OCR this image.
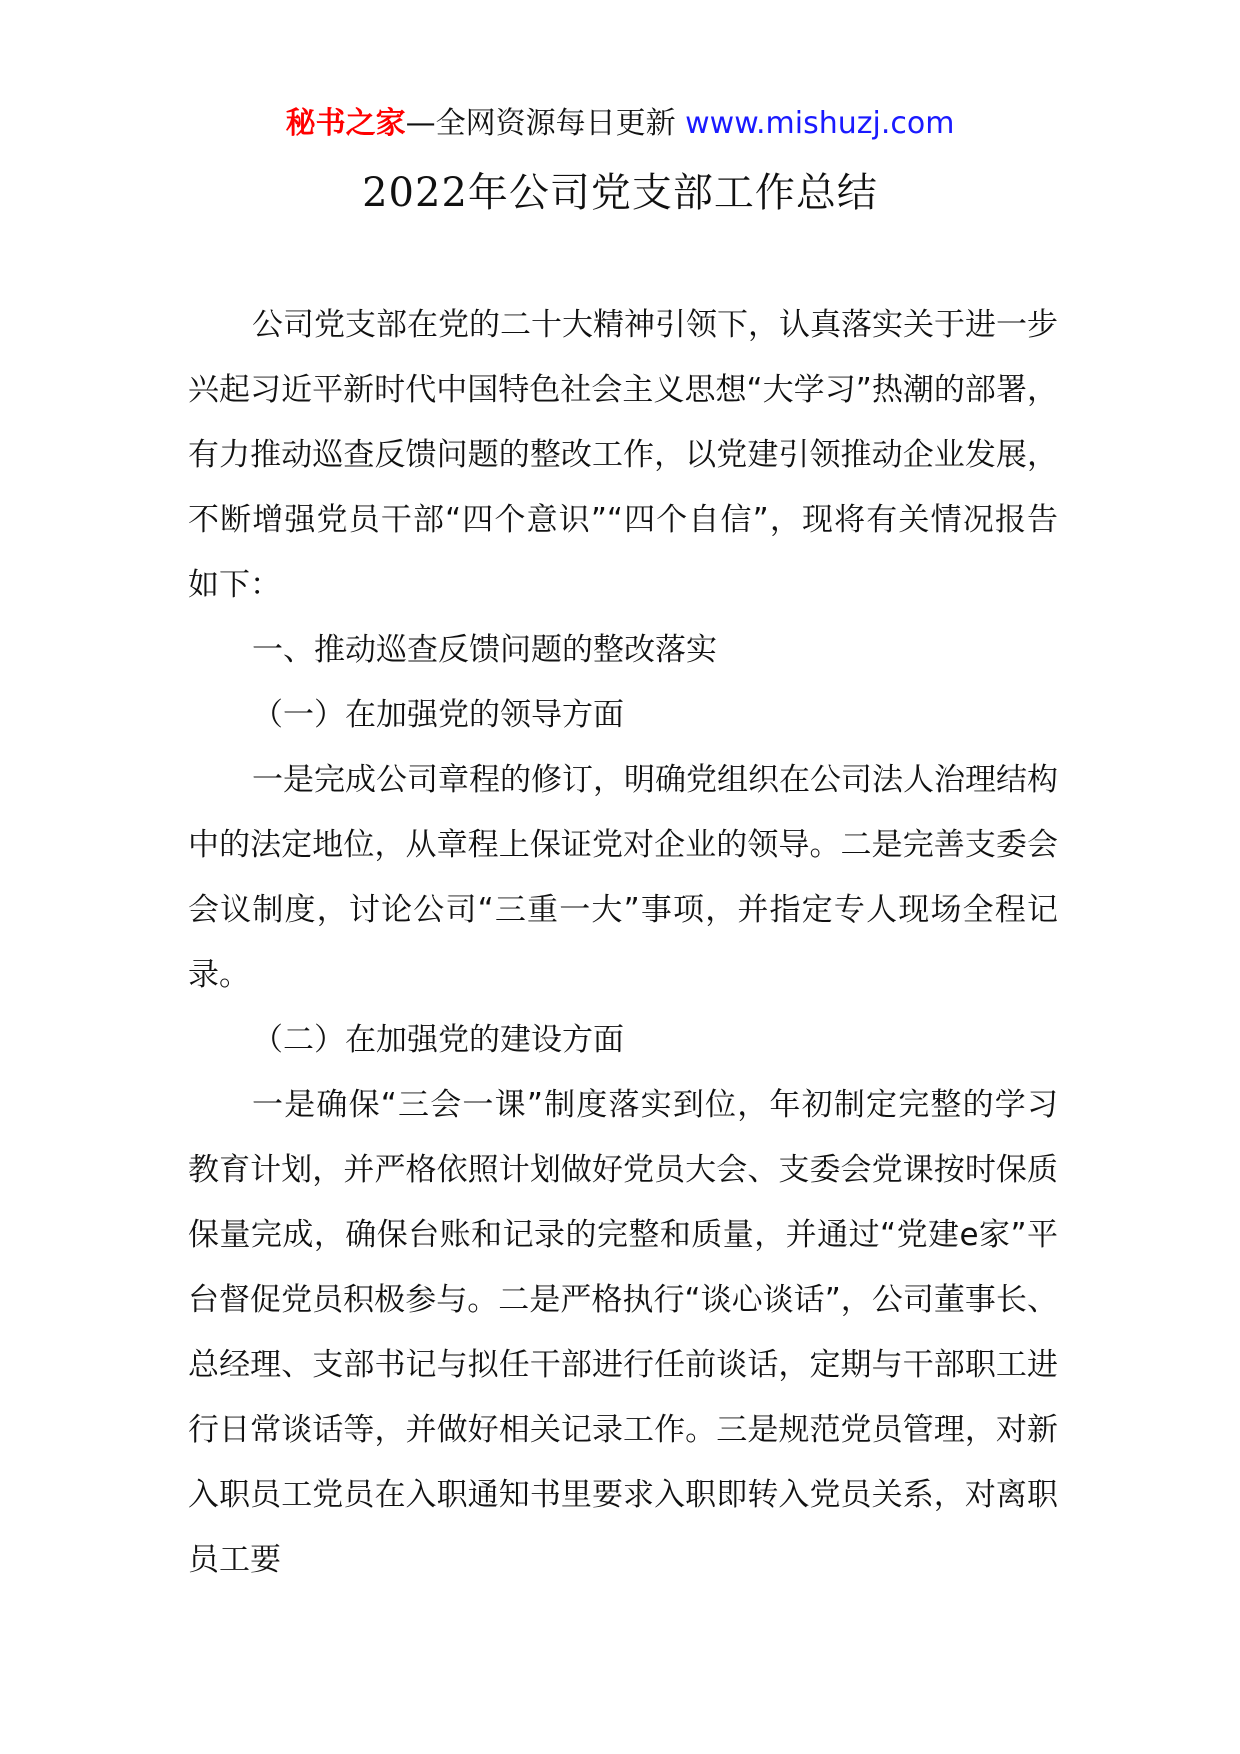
秘书之家—全网资源每日更新 www.mishuzj.com
2022年公司党支部工作总结

公司党支部在党的二十大精神引领下，认真落实关于进一步兴起习近平新时代中国特色社会主义思想“大学习”热潮的部署，有力推动巡查反馈问题的整改工作，以党建引领推动企业发展，不断增强党员干部“四个意识”“四个自信”，现将有关情况报告如下：

一、推动巡查反馈问题的整改落实

（一）在加强党的领导方面

一是完成公司章程的修订，明确党组织在公司法人治理结构中的法定地位，从章程上保证党对企业的领导。二是完善支委会会议制度，讨论公司“三重一大”事项，并指定专人现场全程记录。

（二）在加强党的建设方面

一是确保“三会一课”制度落实到位，年初制定完整的学习教育计划，并严格依照计划做好党员大会、支委会党课按时保质保量完成，确保台账和记录的完整和质量，并通过“党建e家”平台督促党员积极参与。二是严格执行“谈心谈话”，公司董事长、总经理、支部书记与拟任干部进行任前谈话，定期与干部职工进行日常谈话等，并做好相关记录工作。三是规范党员管理，对新入职员工党员在入职通知书里要求入职即转入党员关系，对离职员工要
